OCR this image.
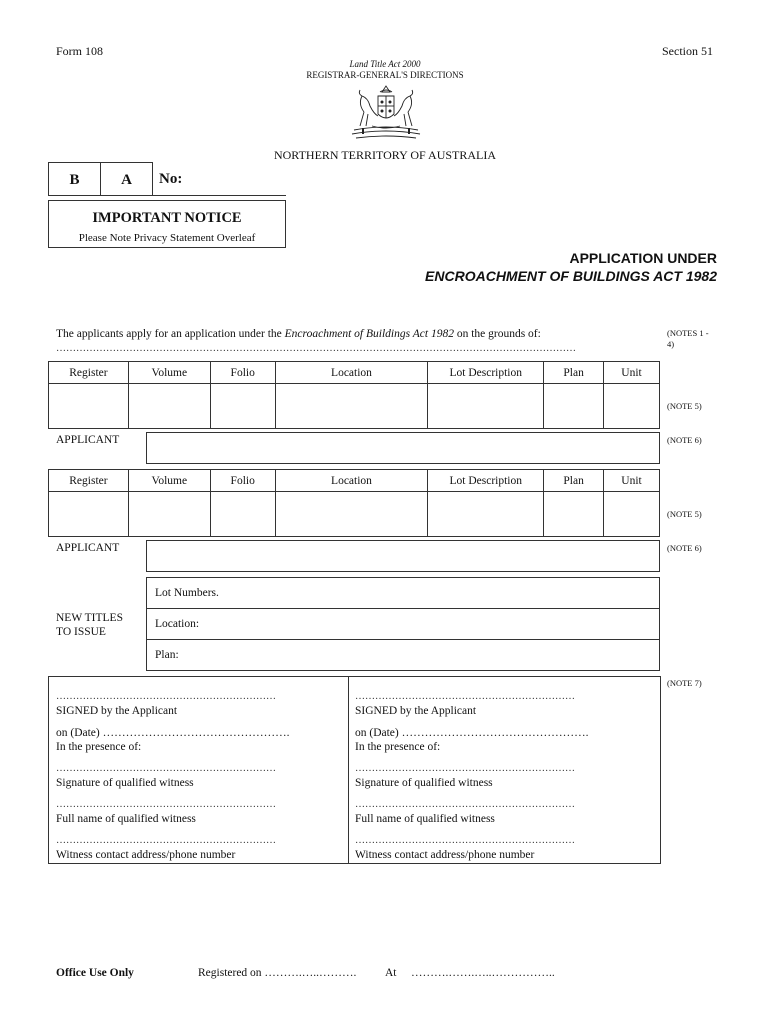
Form 108	Section 51
Land Title Act 2000
REGISTRAR-GENERAL'S DIRECTIONS
NORTHERN TERRITORY OF AUSTRALIA
B	A	No:
IMPORTANT NOTICE
Please Note Privacy Statement Overleaf
APPLICATION UNDER
ENCROACHMENT OF BUILDINGS ACT 1982
The applicants apply for an application under the Encroachment of Buildings Act 1982 on the grounds of:
…………………………………………………………………………………………………………………………………………
(NOTES 1 - 4)
Register	Volume	Folio	Location	Lot Description	Plan	Unit

(NOTE 5)
APPLICANT	(NOTE 6)
Register	Volume	Folio	Location	Lot Description	Plan	Unit

(NOTE 5)
APPLICANT	(NOTE 6)
NEW TITLES
TO ISSUE
Lot Numbers.
Location:
Plan:
(NOTE 7)
…………………………………………………………
SIGNED by the Applicant
on (Date) ………………………………………….
In the presence of:
…………………………………………………………
Signature of qualified witness
…………………………………………………………
Full name of qualified witness
…………………………………………………………
Witness contact address/phone number
…………………………………………………………
SIGNED by the Applicant
on (Date) ………………………………………….
In the presence of:
…………………………………………………………
Signature of qualified witness
…………………………………………………………
Full name of qualified witness
…………………………………………………………
Witness contact address/phone number
Office Use Only	Registered on ……….…..………. At ……….…….…..……………..
